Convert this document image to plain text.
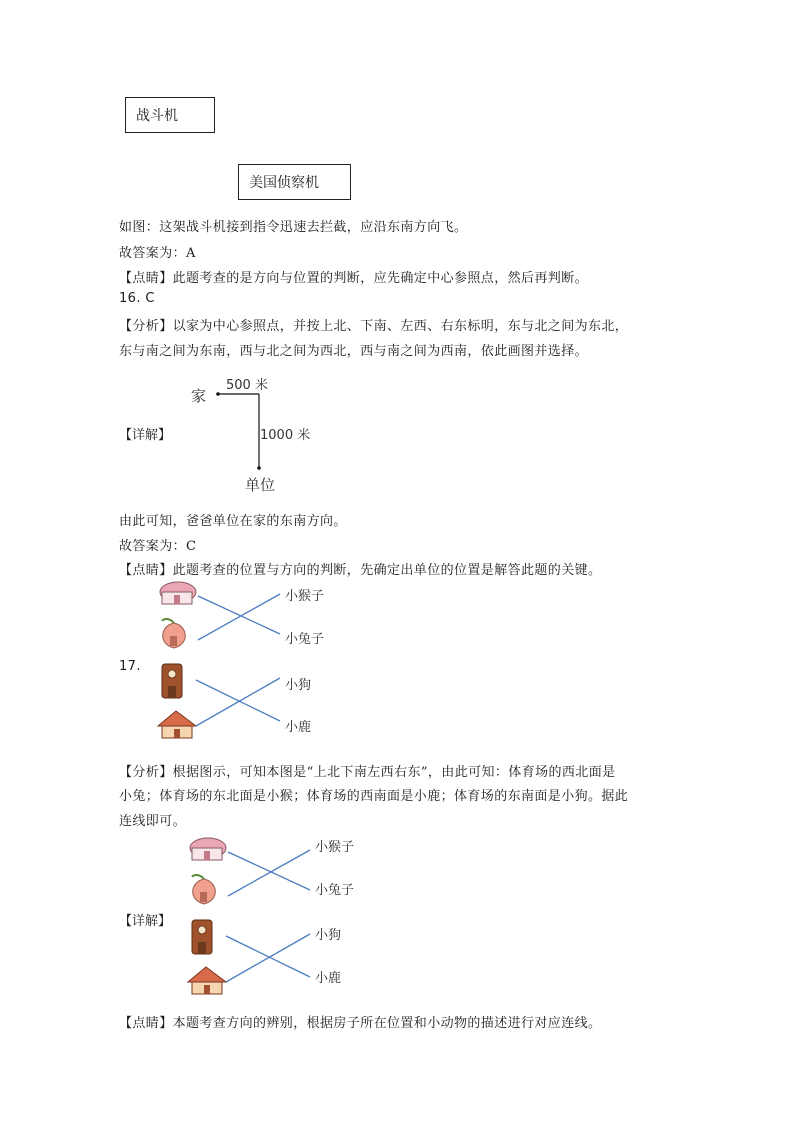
战斗机
美国侦察机
如图：这架战斗机接到指令迅速去拦截，应沿东南方向飞。
故答案为：A
【点睛】此题考查的是方向与位置的判断，应先确定中心参照点，然后再判断。
16. C
【分析】以家为中心参照点，并按上北、下南、左西、右东标明，东与北之间为东北，
东与南之间为东南，西与北之间为西北，西与南之间为西南，依此画图并选择。
【详解】
家
500 米
1000 米
单位
由此可知，爸爸单位在家的东南方向。
故答案为：C
【点睛】此题考查的位置与方向的判断，先确定出单位的位置是解答此题的关键。
17.
小猴子
小兔子
小狗
小鹿
【分析】根据图示，可知本图是“上北下南左西右东”，由此可知：体育场的西北面是
小兔；体育场的东北面是小猴；体育场的西南面是小鹿；体育场的东南面是小狗。据此
连线即可。
【详解】
小猴子
小兔子
小狗
小鹿
【点睛】本题考查方向的辨别，根据房子所在位置和小动物的描述进行对应连线。
